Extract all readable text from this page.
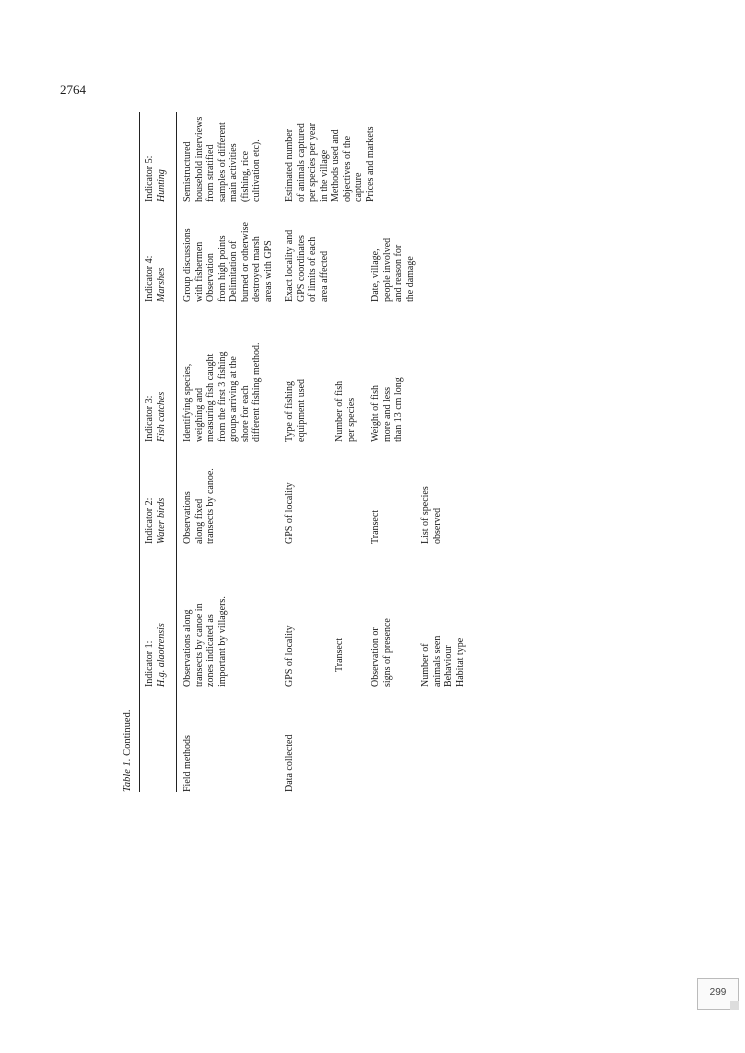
2764
Table 1. Continued.
Indicator 1: H.g. alaotrensis
Indicator 2: Water birds
Indicator 3: Fish catches
Indicator 4: Marshes
Indicator 5: Hunting
Field methods
Observations along
transects by canoe in
zones indicated as
important by villagers.
Observations
along fixed
transects by canoe.
Identifying species,
weighing and
measuring fish caught
from the first 3 fishing
groups arriving at the
shore for each
different fishing method.
Group discussions
with fishermen
Observation
from high points
Delimitation of
burned or otherwise
destroyed marsh
areas with GPS
Semistructured
household interviews
from stratified
samples of different
main activities
(fishing, rice
cultivation etc).
Data collected
GPS of locality
GPS of locality
Type of fishing
equipment used
Exact locality and
GPS coordinates
of limits of each
area affected
Estimated number
of animals captured
per species per year
in the village
Methods used and
objectives of the
capture
Prices and markets
Transect	Observation or
signs of presence
Number of
animals seen
Behaviour
Habitat type
Transect	List of species
observed
Number of fish
per species
Weight of fish
more and less
than 13 cm long
Date, village,
people involved
and reason for
the damage
299
